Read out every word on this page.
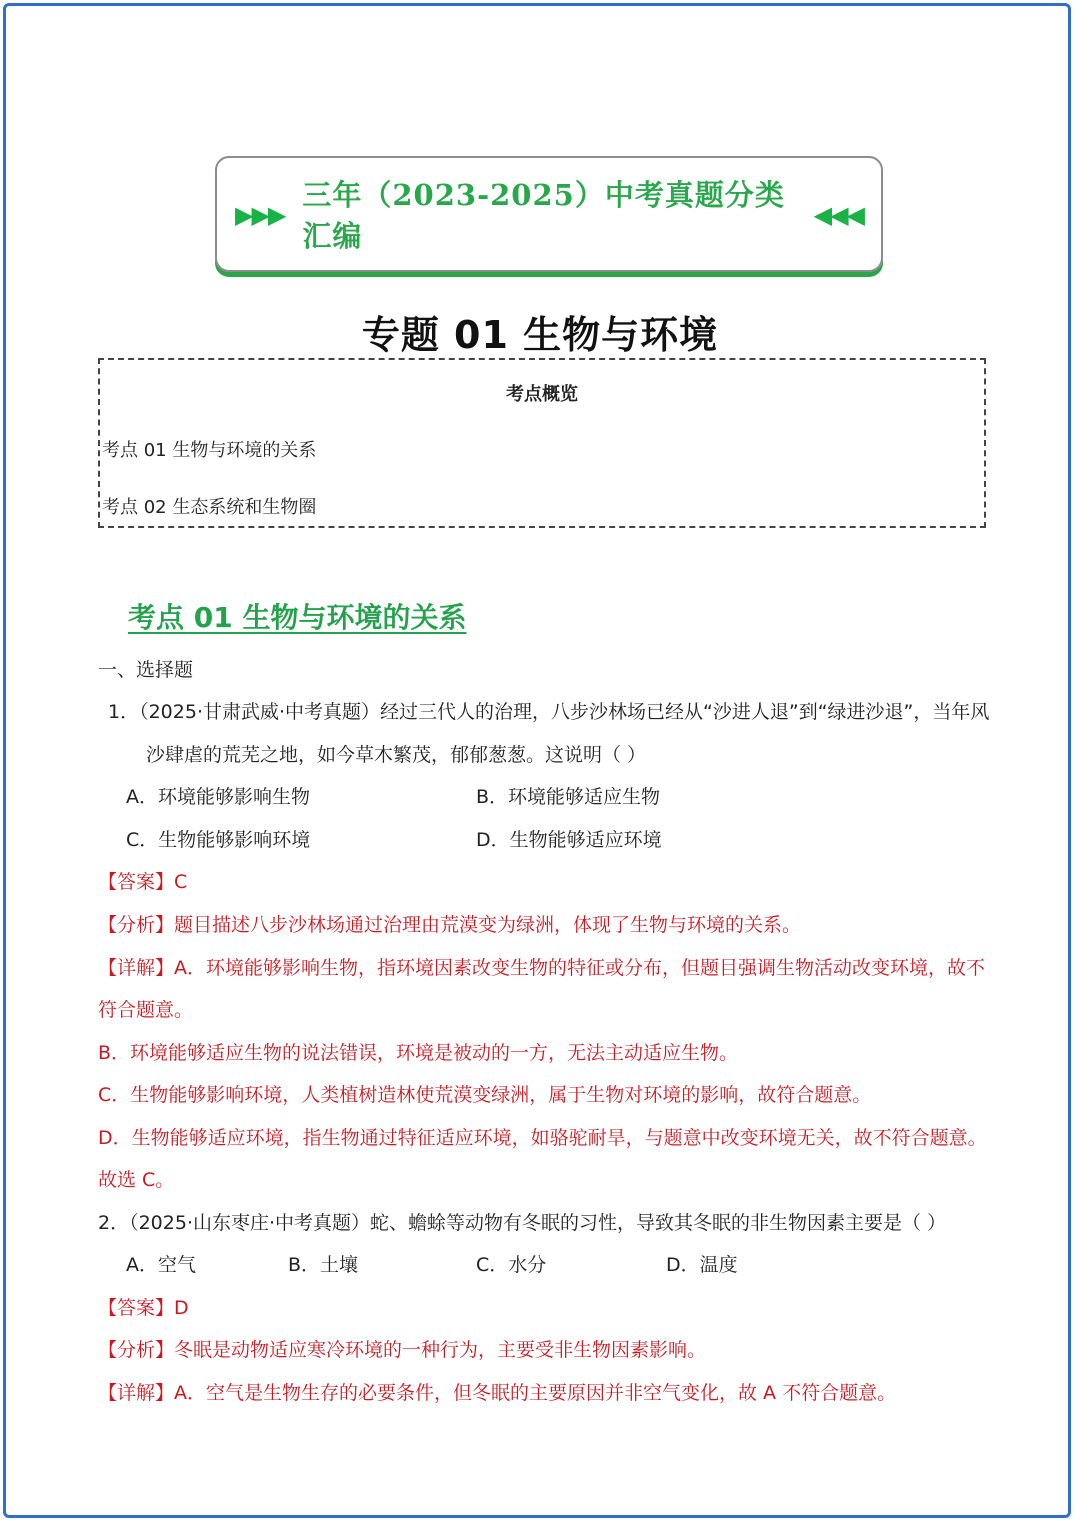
▶▶▶
三年（2023-2025）中考真题分类汇编
◀◀◀
专题 01 生物与环境
考点概览
考点 01 生物与环境的关系
考点 02 生态系统和生物圈
考点 01 生物与环境的关系
一、选择题
1．（2025·甘肃武威·中考真题）经过三代人的治理，八步沙林场已经从“沙进人退”到“绿进沙退”，当年风
沙肆虐的荒芜之地，如今草木繁茂，郁郁葱葱。这说明（ ）
A．环境能够影响生物	B．环境能够适应生物
C．生物能够影响环境	D．生物能够适应环境
【答案】C
【分析】题目描述八步沙林场通过治理由荒漠变为绿洲，体现了生物与环境的关系。
【详解】A．环境能够影响生物，指环境因素改变生物的特征或分布，但题目强调生物活动改变环境，故不
符合题意。
B．环境能够适应生物的说法错误，环境是被动的一方，无法主动适应生物。
C．生物能够影响环境，人类植树造林使荒漠变绿洲，属于生物对环境的影响，故符合题意。
D．生物能够适应环境，指生物通过特征适应环境，如骆驼耐旱，与题意中改变环境无关，故不符合题意。
故选 C。
2．（2025·山东枣庄·中考真题）蛇、蟾蜍等动物有冬眠的习性，导致其冬眠的非生物因素主要是（ ）
A．空气	B．土壤	C．水分	D．温度
【答案】D
【分析】冬眠是动物适应寒冷环境的一种行为，主要受非生物因素影响。
【详解】A．空气是生物生存的必要条件，但冬眠的主要原因并非空气变化，故 A 不符合题意。
